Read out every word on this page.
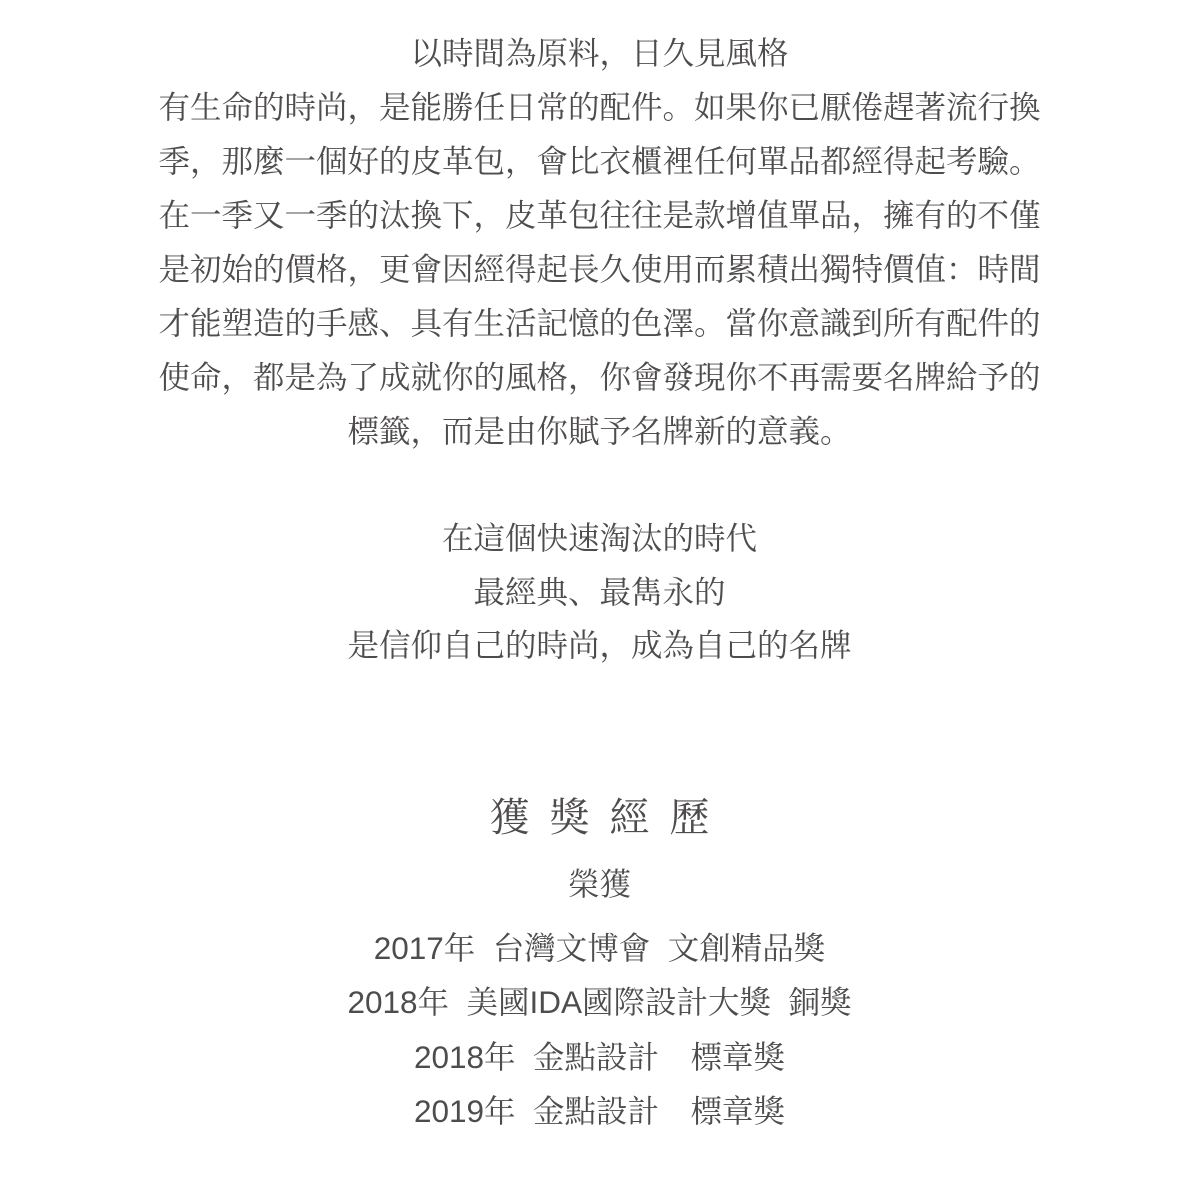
以時間為原料，日久見風格
有生命的時尚，是能勝任日常的配件。如果你已厭倦趕著流行換
季，那麼一個好的皮革包，會比衣櫃裡任何單品都經得起考驗。
在一季又一季的汰換下，皮革包往往是款增值單品，擁有的不僅
是初始的價格，更會因經得起長久使用而累積出獨特價值：時間
才能塑造的手感、具有生活記憶的色澤。當你意識到所有配件的
使命，都是為了成就你的風格，你會發現你不再需要名牌給予的
標籤，而是由你賦予名牌新的意義。
在這個快速淘汰的時代
最經典、最雋永的
是信仰自己的時尚，成為自己的名牌
獲 獎 經 歷
榮獲
2017年  台灣文博會  文創精品獎
2018年  美國IDA國際設計大獎  銅獎
2018年  金點設計　標章獎
2019年  金點設計　標章獎
